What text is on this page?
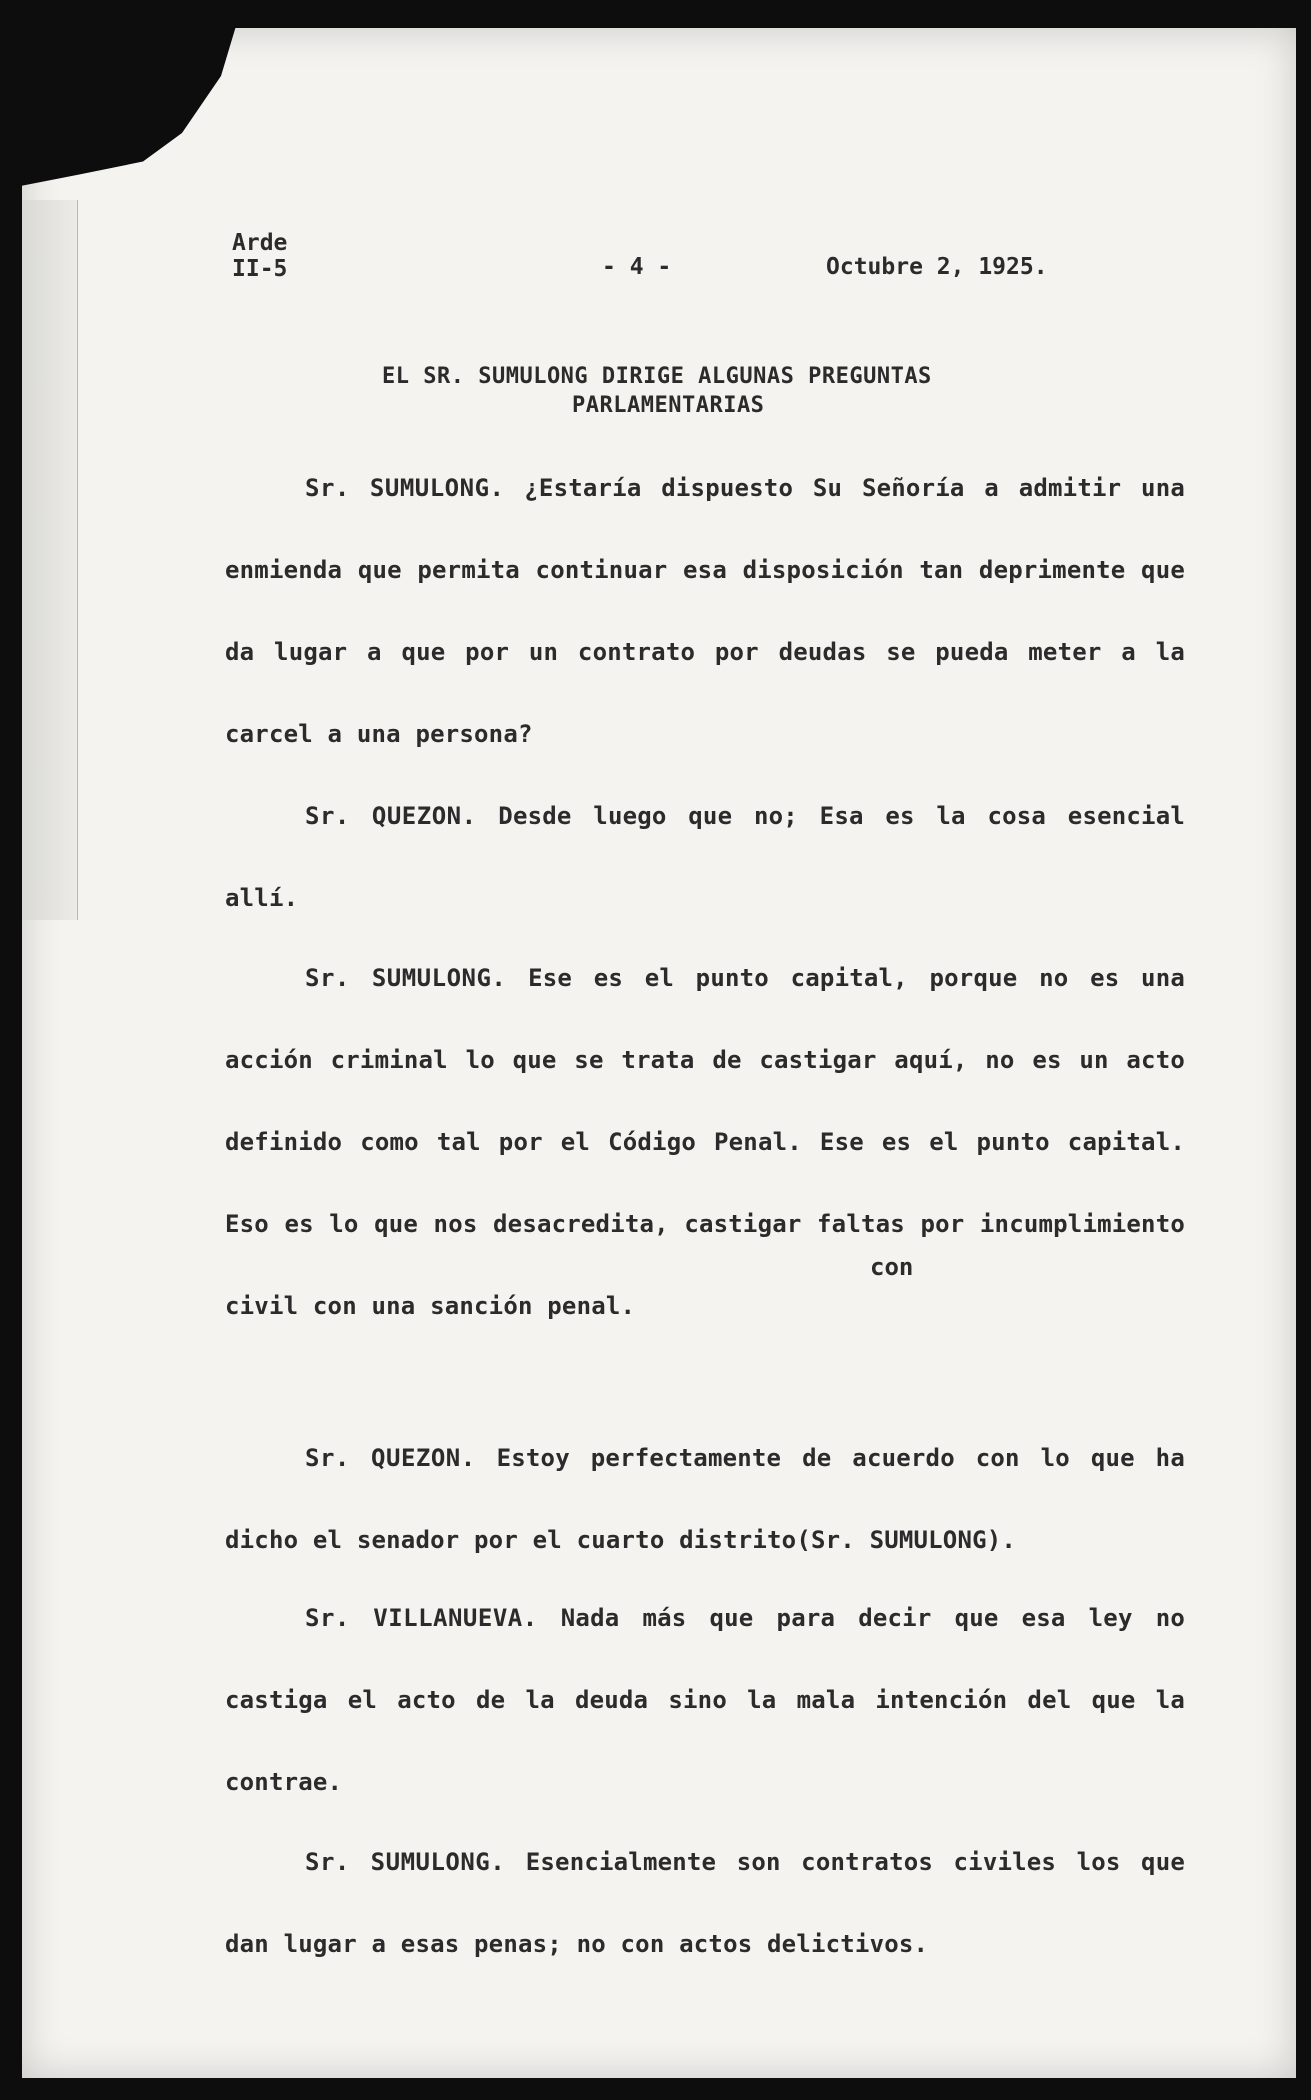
Arde
II-5	- 4 -	Octubre 2, 1925.
EL SR. SUMULONG DIRIGE ALGUNAS PREGUNTAS
PARLAMENTARIAS
Sr. SUMULONG. ¿Estaría dispuesto Su Señoría a admitir una enmienda que permita continuar esa disposición tan deprimente que da lugar a que por un contrato por deudas se pueda meter a la carcel a una persona?
Sr. QUEZON. Desde luego que no; Esa es la cosa esencial allí.
Sr. SUMULONG. Ese es el punto capital, porque no es una acción criminal lo que se trata de castigar aquí, no es un acto definido como tal por el Código Penal. Ese es el punto capital. Eso es lo que nos desacredita, castigar faltas por incumplimiento civil con una sanción penal.
Sr. QUEZON. Estoy perfectamente de acuerdo con lo que ha dicho el senador por el cuarto distrito(Sr. SUMULONG).
Sr. VILLANUEVA. Nada más que para decir que esa ley no castiga el acto de la deuda sino la mala intención del que la contrae.
Sr. SUMULONG. Esencialmente son contratos civiles los que dan lugar a esas penas; no con actos delictivos.
con
